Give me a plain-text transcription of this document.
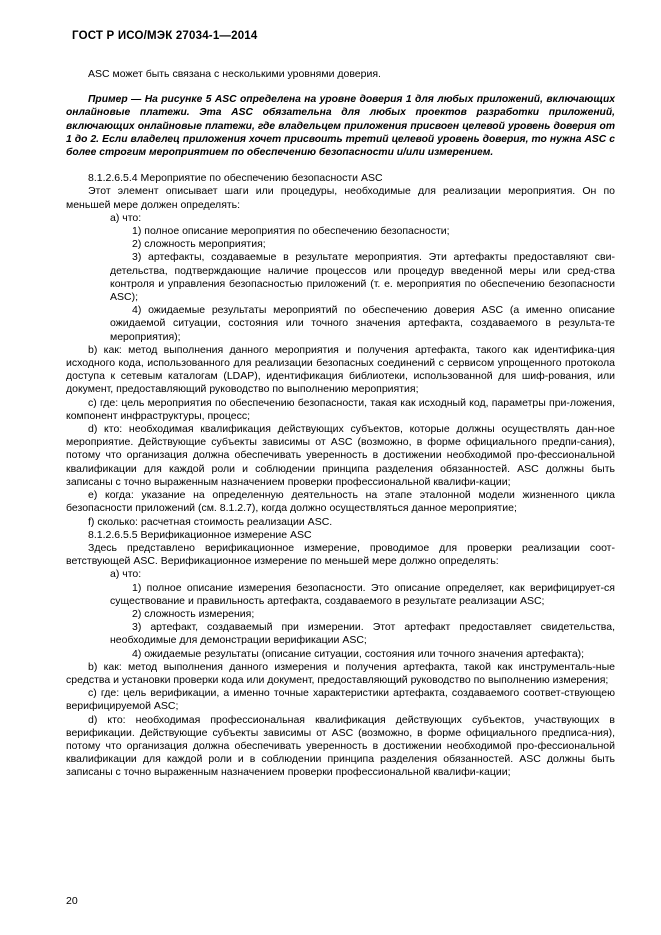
ГОСТ Р ИСО/МЭК 27034-1—2014

ASC может быть связана с несколькими уровнями доверия.

Пример — На рисунке 5 ASC определена на уровне доверия 1 для любых приложений, включающих онлайновые платежи. Эта ASC обязательна для любых проектов разработки приложений, включающих онлайновые платежи, где владельцем приложения присвоен целевой уровень доверия от 1 до 2. Если владелец приложения хочет присвоить третий целевой уровень доверия, то нужна ASC с более строгим мероприятием по обеспечению безопасности и/или измерением.

8.1.2.6.5.4 Мероприятие по обеспечению безопасности ASC

Этот элемент описывает шаги или процедуры, необходимые для реализации мероприятия. Он по меньшей мере должен определять:

a) что:

1) полное описание мероприятия по обеспечению безопасности;

2) сложность мероприятия;

3) артефакты, создаваемые в результате мероприятия. Эти артефакты предоставляют сви-детельства, подтверждающие наличие процессов или процедур введенной меры или сред-ства контроля и управления безопасностью приложений (т. е. мероприятия по обеспечению безопасности ASC);

4) ожидаемые результаты мероприятий по обеспечению доверия ASC (а именно описание ожидаемой ситуации, состояния или точного значения артефакта, создаваемого в результа-те мероприятия);

b) как: метод выполнения данного мероприятия и получения артефакта, такого как идентифика-ция исходного кода, использованного для реализации безопасных соединений с сервисом упрощенного протокола доступа к сетевым каталогам (LDAP), идентификация библиотеки, использованной для шиф-рования, или документ, предоставляющий руководство по выполнению мероприятия;

c) где: цель мероприятия по обеспечению безопасности, такая как исходный код, параметры при-ложения, компонент инфраструктуры, процесс;

d) кто: необходимая квалификация действующих субъектов, которые должны осуществлять дан-ное мероприятие. Действующие субъекты зависимы от ASC (возможно, в форме официального предпи-сания), потому что организация должна обеспечивать уверенность в достижении необходимой про-фессиональной квалификации для каждой роли и соблюдении принципа разделения обязанностей. ASC должны быть записаны с точно выраженным назначением проверки профессиональной квалифи-кации;

e) когда: указание на определенную деятельность на этапе эталонной модели жизненного цикла безопасности приложений (см. 8.1.2.7), когда должно осуществляться данное мероприятие;

f) сколько: расчетная стоимость реализации ASC.

8.1.2.6.5.5 Верификационное измерение ASC

Здесь представлено верификационное измерение, проводимое для проверки реализации соот-ветствующей ASC. Верификационное измерение по меньшей мере должно определять:

a) что:

1) полное описание измерения безопасности. Это описание определяет, как верифицирует-ся существование и правильность артефакта, создаваемого в результате реализации ASC;

2) сложность измерения;

3) артефакт, создаваемый при измерении. Этот артефакт предоставляет свидетельства, необходимые для демонстрации верификации ASC;

4) ожидаемые результаты (описание ситуации, состояния или точного значения артефакта);

b) как: метод выполнения данного измерения и получения артефакта, такой как инструменталь-ные средства и установки проверки кода или документ, предоставляющий руководство по выполнению измерения;

c) где: цель верификации, а именно точные характеристики артефакта, создаваемого соответ-ствующею верифицируемой ASC;

d) кто: необходимая профессиональная квалификация действующих субъектов, участвующих в верификации. Действующие субъекты зависимы от ASC (возможно, в форме официального предписа-ния), потому что организация должна обеспечивать уверенность в достижении необходимой про-фессиональной квалификации для каждой роли и в соблюдении принципа разделения обязанностей. ASC должны быть записаны с точно выраженным назначением проверки профессиональной квалифи-кации;

20
